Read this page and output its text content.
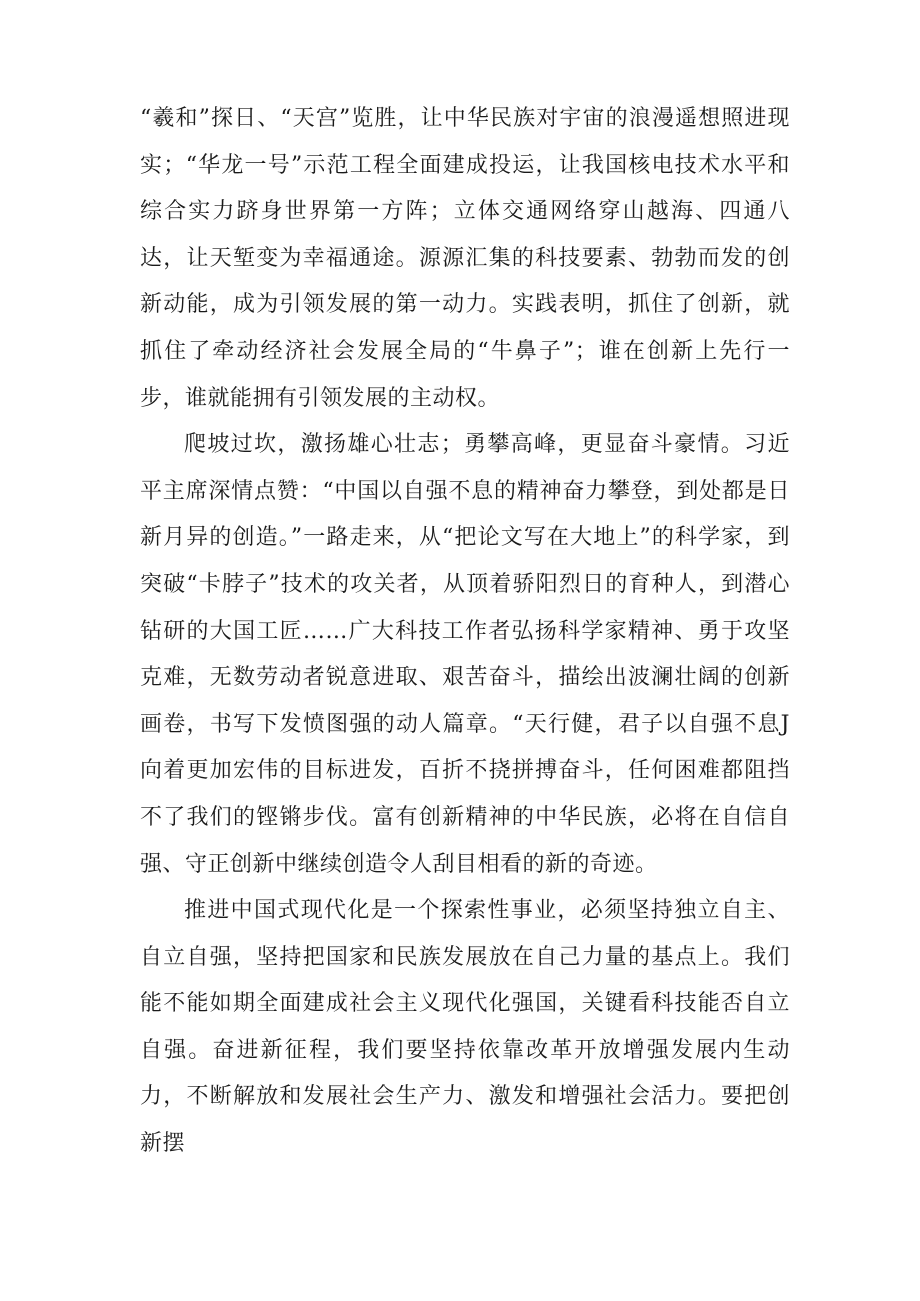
“羲和”探日、“天宫”览胜，让中华民族对宇宙的浪漫遥想照进现实；“华龙一号”示范工程全面建成投运，让我国核电技术水平和综合实力跻身世界第一方阵；立体交通网络穿山越海、四通八达，让天堑变为幸福通途。源源汇集的科技要素、勃勃而发的创新动能，成为引领发展的第一动力。实践表明，抓住了创新，就抓住了牵动经济社会发展全局的“牛鼻子”；谁在创新上先行一步，谁就能拥有引领发展的主动权。

爬坡过坎，激扬雄心壮志；勇攀高峰，更显奋斗豪情。习近平主席深情点赞：“中国以自强不息的精神奋力攀登，到处都是日新月异的创造。”一路走来，从“把论文写在大地上”的科学家，到突破“卡脖子”技术的攻关者，从顶着骄阳烈日的育种人，到潜心钻研的大国工匠……广大科技工作者弘扬科学家精神、勇于攻坚克难，无数劳动者锐意进取、艰苦奋斗，描绘出波澜壮阔的创新画卷，书写下发愤图强的动人篇章。“天行健，君子以自强不息J向着更加宏伟的目标进发，百折不挠拼搏奋斗，任何困难都阻挡不了我们的铿锵步伐。富有创新精神的中华民族，必将在自信自强、守正创新中继续创造令人刮目相看的新的奇迹。

推进中国式现代化是一个探索性事业，必须坚持独立自主、自立自强，坚持把国家和民族发展放在自己力量的基点上。我们能不能如期全面建成社会主义现代化强国，关键看科技能否自立自强。奋进新征程，我们要坚持依靠改革开放增强发展内生动力，不断解放和发展社会生产力、激发和增强社会活力。要把创新摆
